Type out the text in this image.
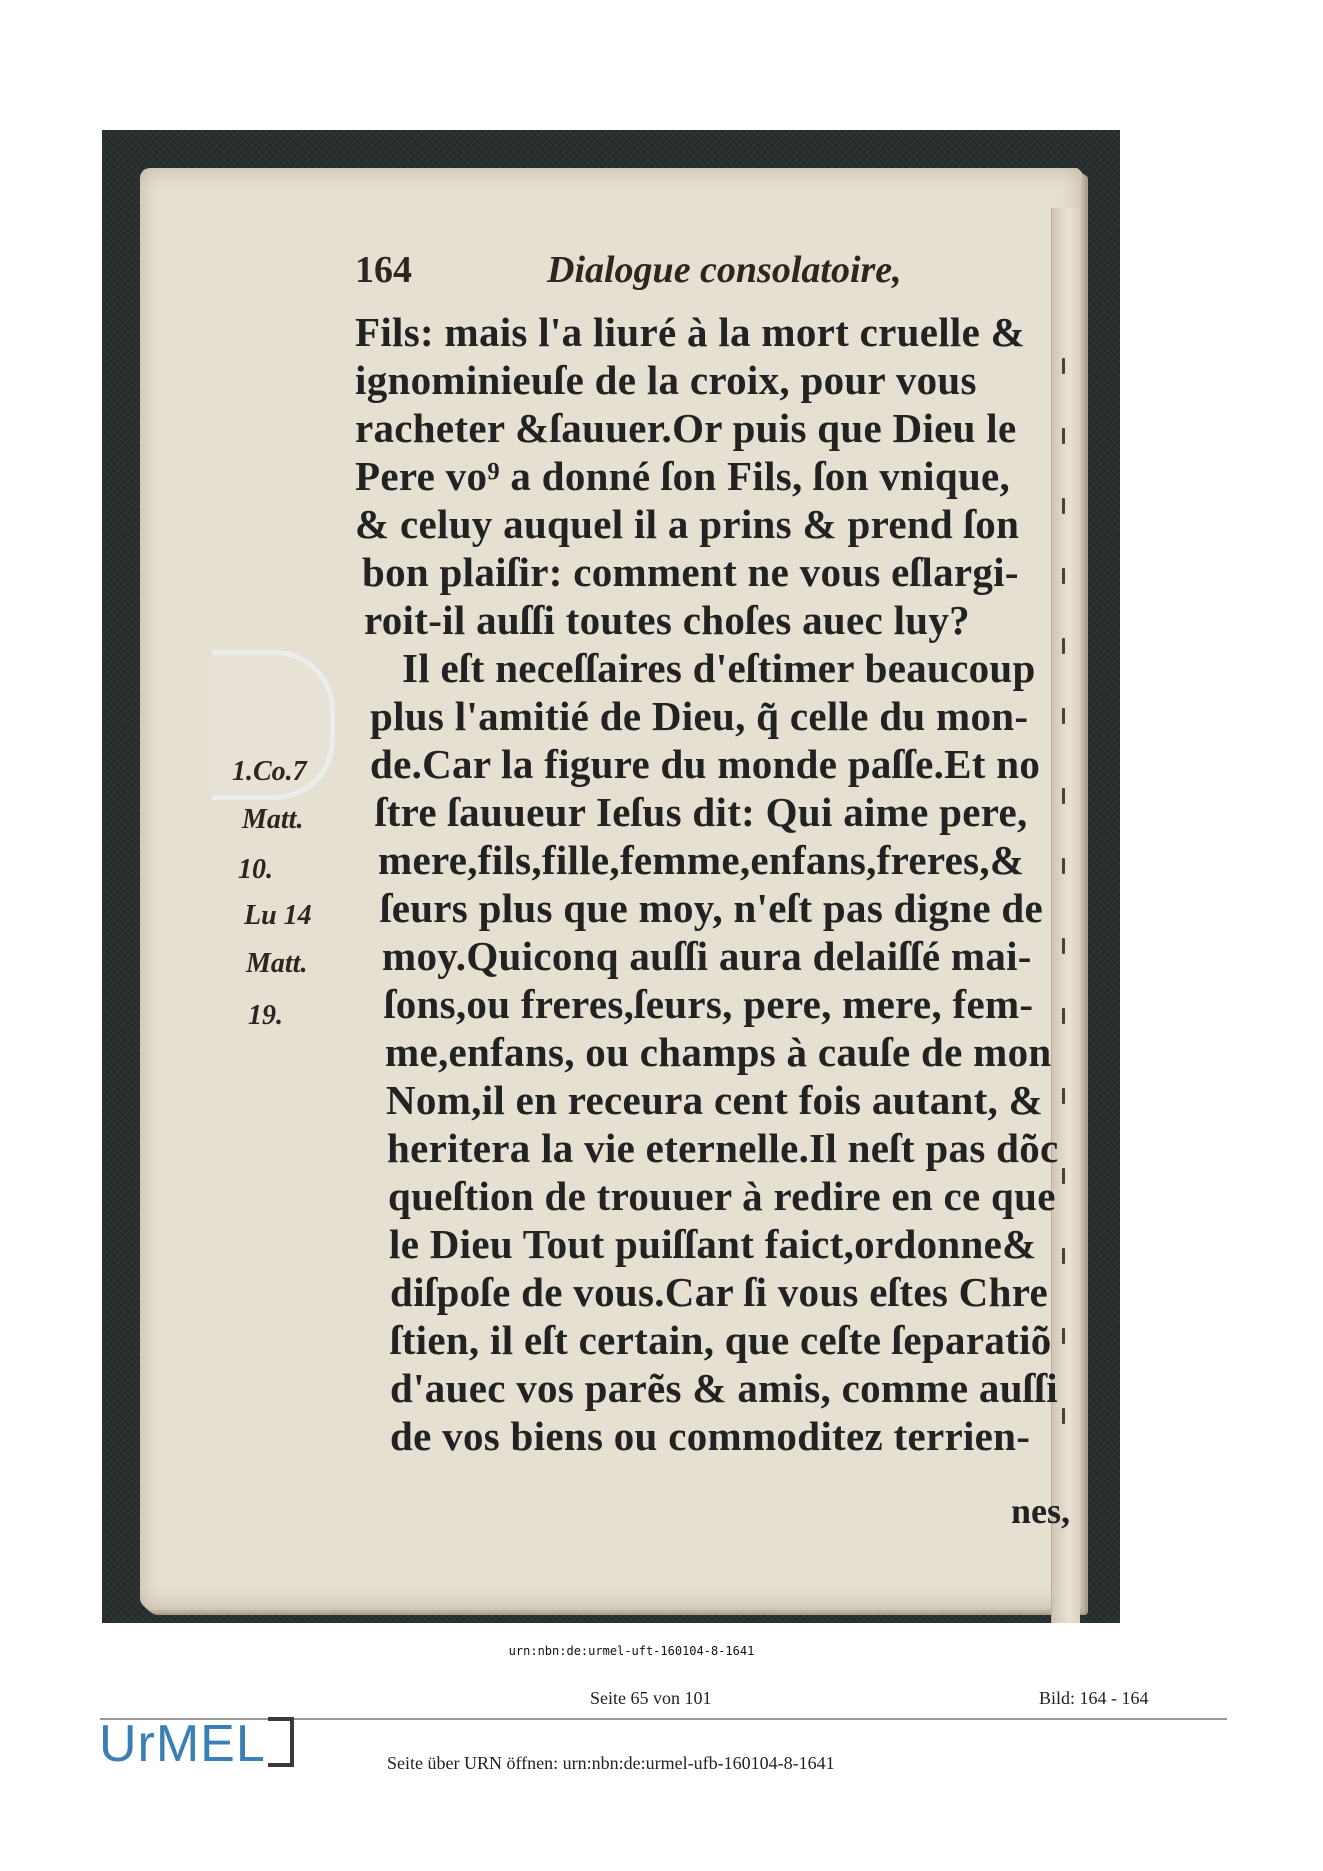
164	Dialogue consolatoire,
Fils: mais l'a liuré à la mort cruelle &
ignominieuſe de la croix, pour vous
racheter &ſauuer.Or puis que Dieu le
Pere vo⁹ a donné ſon Fils, ſon vnique,
& celuy auquel il a prins & prend ſon
bon plaiſir: comment ne vous eſlargi-
roit-il auſſi toutes choſes auec luy?
Il eſt neceſſaires d'eſtimer beaucoup
plus l'amitié de Dieu, q̃ celle du mon-
de.Car la figure du monde paſſe.Et no
ſtre ſauueur Ieſus dit: Qui aime pere,
mere,fils,fille,femme,enfans,freres,&
ſeurs plus que moy, n'eſt pas digne de
moy.Quiconq auſſi aura delaiſſé mai-
ſons,ou freres,ſeurs, pere, mere, fem-
me,enfans, ou champs à cauſe de mon
Nom,il en receura cent fois autant, &
heritera la vie eternelle.Il neſt pas dõc
queſtion de trouuer à redire en ce que
le Dieu Tout puiſſant faict,ordonne&
diſpoſe de vous.Car ſi vous eſtes Chre
ſtien, il eſt certain, que ceſte ſeparatiõ
d'auec vos parẽs & amis, comme auſſi
de vos biens ou commoditez terrien-
nes,
1.Co.7
Matt.
10.
Lu 14
Matt.
19.
urn:nbn:de:urmel-uft-160104-8-1641
Seite 65 von 101	Bild: 164 - 164
UrMEL	Seite über URN öffnen: urn:nbn:de:urmel-ufb-160104-8-1641
